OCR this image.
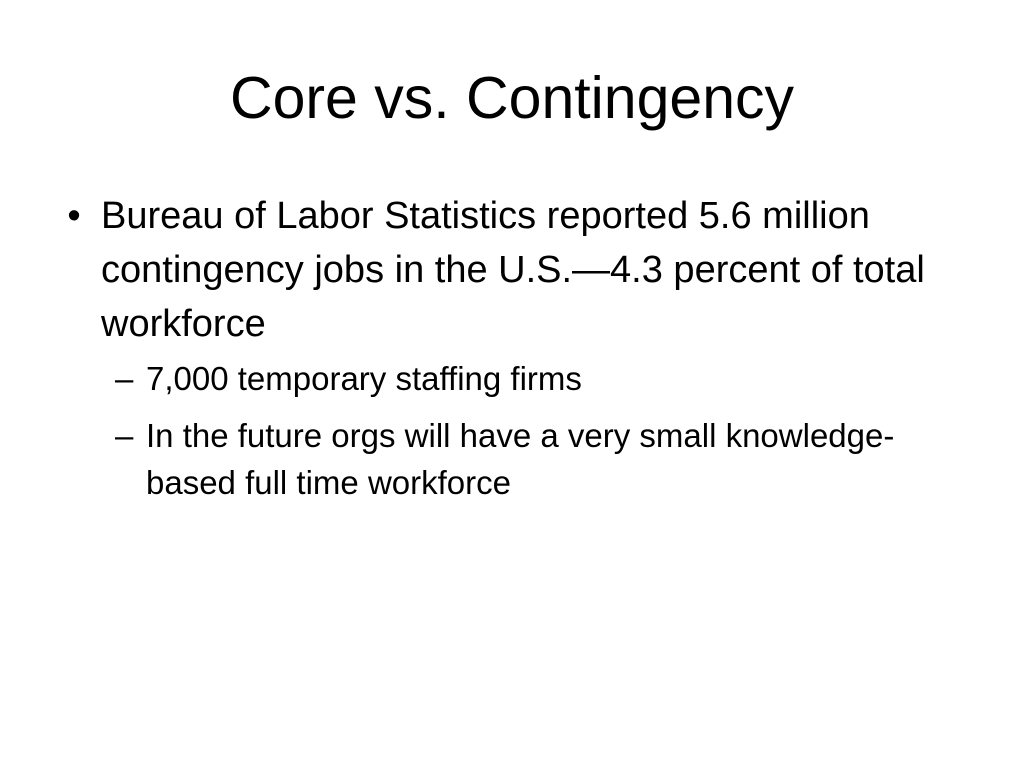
Core vs. Contingency
• Bureau of Labor Statistics reported 5.6 million contingency jobs in the U.S.—4.3 percent of total workforce
– 7,000 temporary staffing firms
– In the future orgs will have a very small knowledge-based full time workforce
